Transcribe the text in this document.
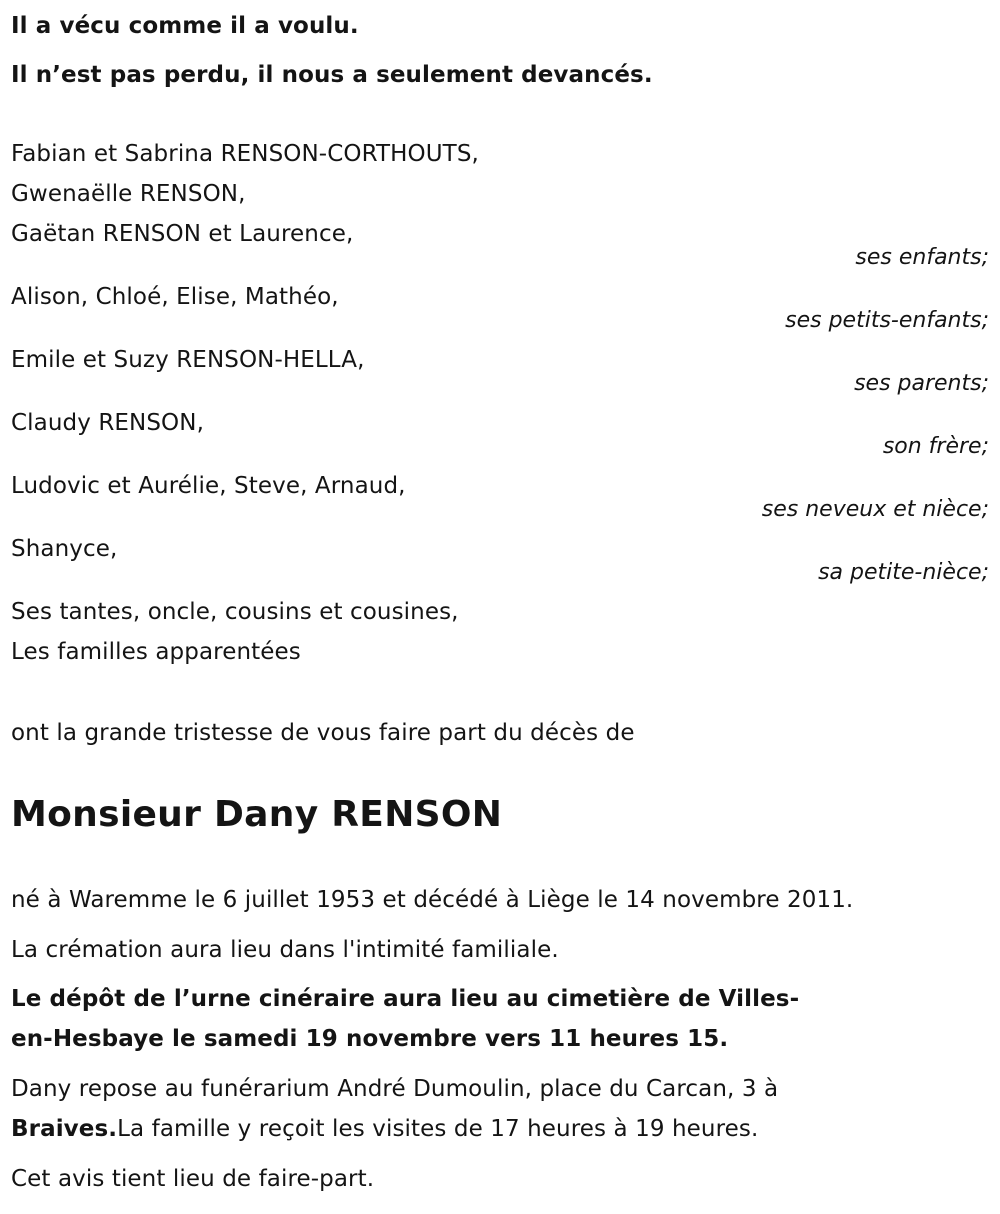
Il a vécu comme il a voulu.
Il n’est pas perdu, il nous a seulement devancés.
Fabian et Sabrina RENSON-CORTHOUTS,
Gwenaëlle RENSON,
Gaëtan RENSON et Laurence,
ses enfants;
Alison, Chloé, Elise, Mathéo,
ses petits-enfants;
Emile et Suzy RENSON-HELLA,
ses parents;
Claudy RENSON,
son frère;
Ludovic et Aurélie, Steve, Arnaud,
ses neveux et nièce;
Shanyce,
sa petite-nièce;
Ses tantes, oncle, cousins et cousines,
Les familles apparentées
ont la grande tristesse de vous faire part du décès de
Monsieur Dany RENSON
né à Waremme le 6 juillet 1953 et décédé à Liège le 14 novembre 2011.
La crémation aura lieu dans l'intimité familiale.
Le dépôt de l’urne cinéraire aura lieu au cimetière de Villes-
en-Hesbaye le samedi 19 novembre vers 11 heures 15.
Dany repose au funérarium André Dumoulin, place du Carcan, 3 à
Braives.La famille y reçoit les visites de 17 heures à 19 heures.
Cet avis tient lieu de faire-part.
